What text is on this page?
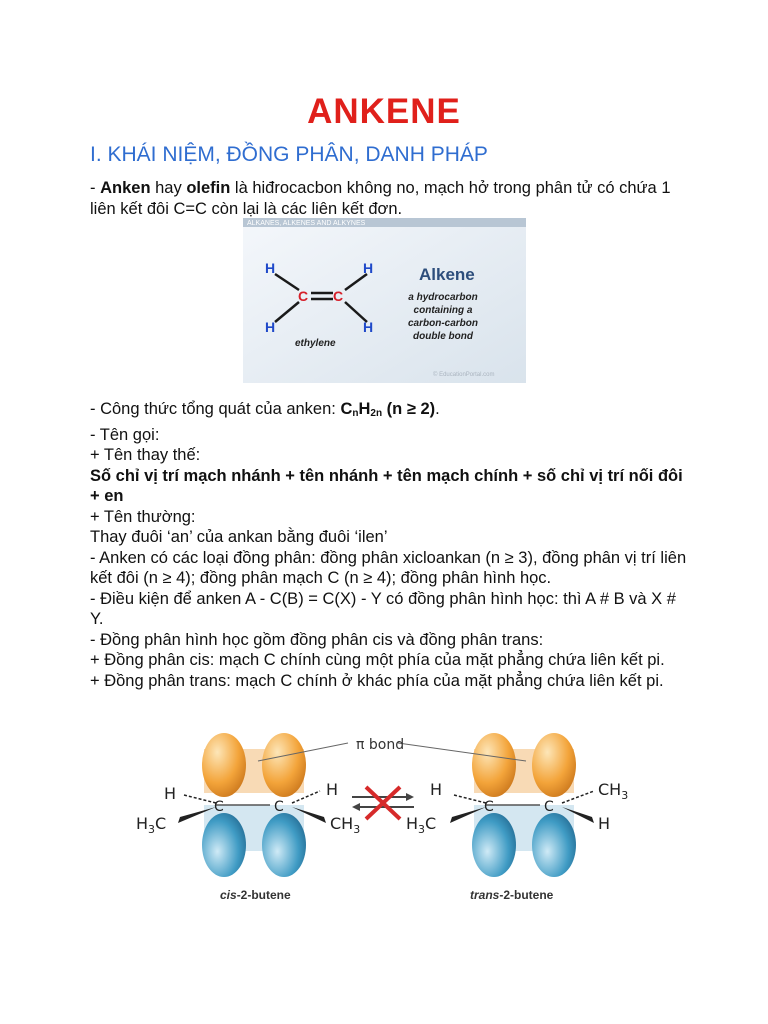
ANKENE
I. KHÁI NIỆM, ĐỒNG PHÂN, DANH PHÁP
- Anken hay olefin là hiđrocacbon không no, mạch hở trong phân tử có chứa 1 liên kết đôi C=C còn lại là các liên kết đơn.
ALKANES, ALKENES AND ALKYNES
H
H
H
H
C C
ethylene
Alkene
a hydrocarbon
containing a
carbon-carbon
double bond
© EducationPortal.com
- Công thức tổng quát của anken: $C_nH_{2n}$ (n ≥ 2).
- Tên gọi:
+ Tên thay thế:
Số chỉ vị trí mạch nhánh + tên nhánh + tên mạch chính + số chỉ vị trí nối đôi + en
+ Tên thường:
Thay đuôi ‘an’ của ankan bằng đuôi ‘ilen’
- Anken có các loại đồng phân: đồng phân xicloankan (n ≥ 3), đồng phân vị trí liên kết đôi (n ≥ 4); đồng phân mạch C (n ≥ 4); đồng phân hình học.
- Điều kiện để anken A - C(B) = C(X) - Y có đồng phân hình học: thì A # B và X # Y.
- Đồng phân hình học gồm đồng phân cis và đồng phân trans:
+ Đồng phân cis: mạch C chính cùng một phía của mặt phẳng chứa liên kết pi.
+ Đồng phân trans: mạch C chính ở khác phía của mặt phẳng chứa liên kết pi.
π bond
H
C	C
H
$H_3C$	$CH_3$
H
C	C
$CH_3$
$H_3C$	H
cis-2-butene	trans-2-butene
